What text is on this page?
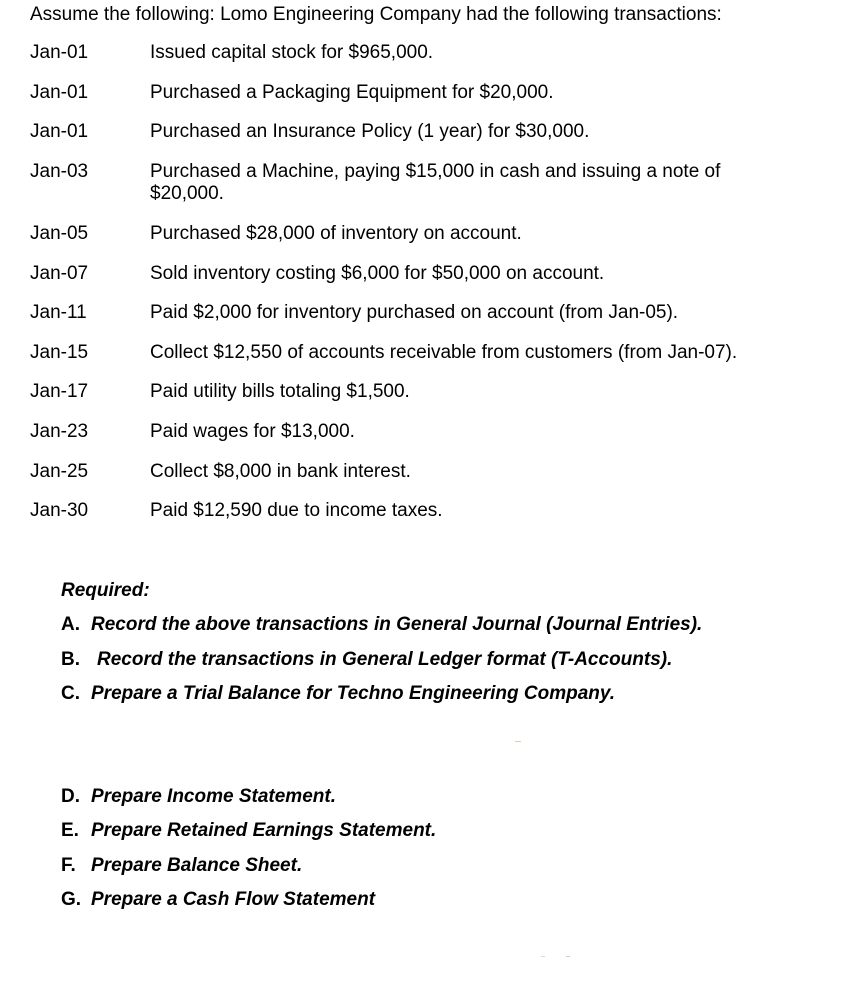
Assume the following: Lomo Engineering Company had the following transactions:
Jan-01	Issued capital stock for $965,000.
Jan-01	Purchased a Packaging Equipment for $20,000.
Jan-01	Purchased an Insurance Policy (1 year) for $30,000.
Jan-03	Purchased a Machine, paying $15,000 in cash and issuing a note of $20,000.
Jan-05	Purchased $28,000 of inventory on account.
Jan-07	Sold inventory costing $6,000 for $50,000 on account.
Jan-11	Paid $2,000 for inventory purchased on account (from Jan-05).
Jan-15	Collect $12,550 of accounts receivable from customers (from Jan-07).
Jan-17	Paid utility bills totaling $1,500.
Jan-23	Paid wages for $13,000.
Jan-25	Collect $8,000 in bank interest.
Jan-30	Paid $12,590 due to income taxes.
Required:
A. Record the above transactions in General Journal (Journal Entries).
B. Record the transactions in General Ledger format (T-Accounts).
C. Prepare a Trial Balance for Techno Engineering Company.
D. Prepare Income Statement.
E. Prepare Retained Earnings Statement.
F. Prepare Balance Sheet.
G. Prepare a Cash Flow Statement
